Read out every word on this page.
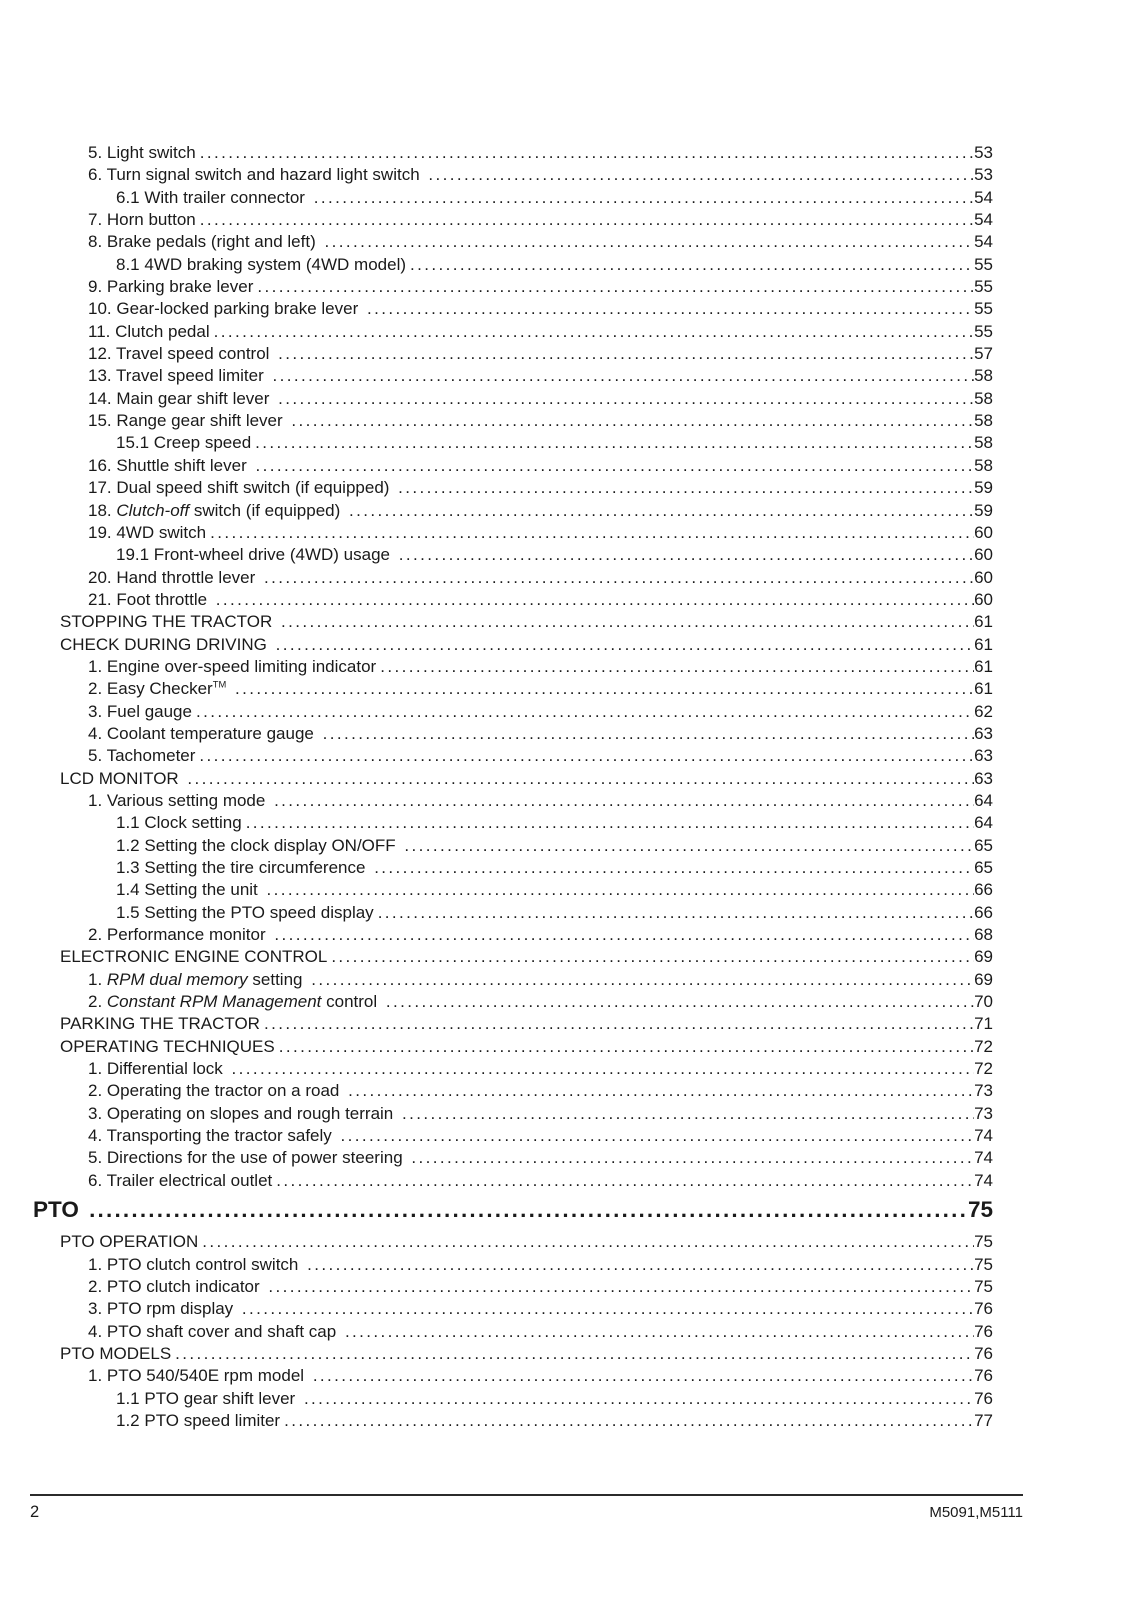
5. Light switch .....	53
6. Turn signal switch and hazard light switch .....	53
6.1 With trailer connector .....	54
7. Horn button .....	54
8. Brake pedals (right and left) .....	54
8.1 4WD braking system (4WD model) .....	55
9. Parking brake lever .....	55
10. Gear-locked parking brake lever .....	55
11. Clutch pedal .....	55
12. Travel speed control .....	57
13. Travel speed limiter .....	58
14. Main gear shift lever .....	58
15. Range gear shift lever .....	58
15.1 Creep speed .....	58
16. Shuttle shift lever .....	58
17. Dual speed shift switch (if equipped) .....	59
18. Clutch-off switch (if equipped) .....	59
19. 4WD switch .....	60
19.1 Front-wheel drive (4WD) usage .....	60
20. Hand throttle lever .....	60
21. Foot throttle .....	60
STOPPING THE TRACTOR .....	61
CHECK DURING DRIVING .....	61
1. Engine over-speed limiting indicator .....	61
2. Easy Checker™ .....	61
3. Fuel gauge .....	62
4. Coolant temperature gauge .....	63
5. Tachometer .....	63
LCD MONITOR .....	63
1. Various setting mode .....	64
1.1 Clock setting .....	64
1.2 Setting the clock display ON/OFF .....	65
1.3 Setting the tire circumference .....	65
1.4 Setting the unit .....	66
1.5 Setting the PTO speed display .....	66
2. Performance monitor .....	68
ELECTRONIC ENGINE CONTROL .....	69
1. RPM dual memory setting .....	69
2. Constant RPM Management control .....	70
PARKING THE TRACTOR .....	71
OPERATING TECHNIQUES .....	72
1. Differential lock .....	72
2. Operating the tractor on a road .....	73
3. Operating on slopes and rough terrain .....	73
4. Transporting the tractor safely .....	74
5. Directions for the use of power steering .....	74
6. Trailer electrical outlet .....	74
PTO .....	75
PTO OPERATION .....	75
1. PTO clutch control switch .....	75
2. PTO clutch indicator .....	75
3. PTO rpm display .....	76
4. PTO shaft cover and shaft cap .....	76
PTO MODELS .....	76
1. PTO 540/540E rpm model .....	76
1.1 PTO gear shift lever .....	76
1.2 PTO speed limiter .....	77
2	M5091,M5111
